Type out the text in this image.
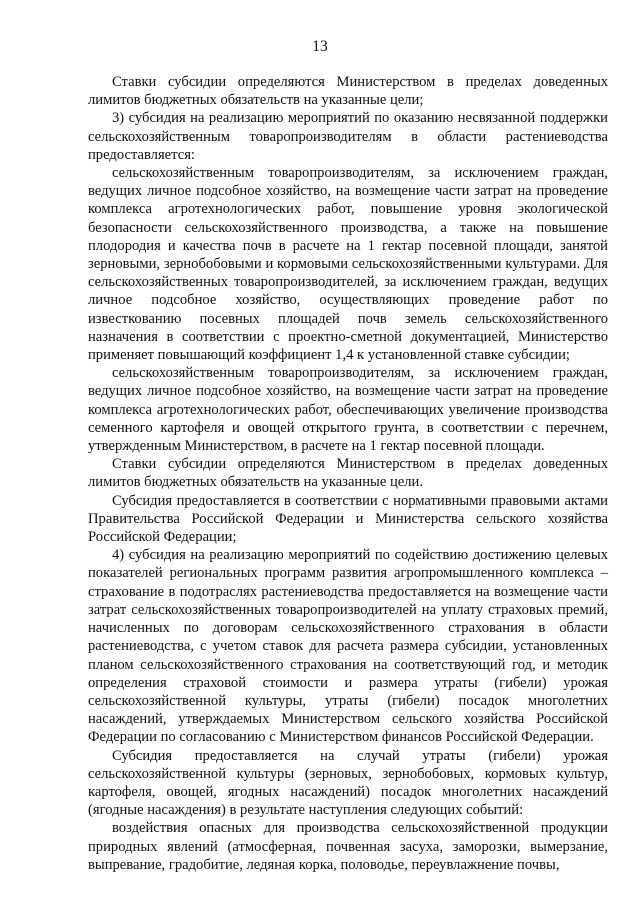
13

Ставки субсидии определяются Министерством в пределах доведенных лимитов бюджетных обязательств на указанные цели;

3) субсидия на реализацию мероприятий по оказанию несвязанной поддержки сельскохозяйственным товаропроизводителям в области растениеводства предоставляется:

сельскохозяйственным товаропроизводителям, за исключением граждан, ведущих личное подсобное хозяйство, на возмещение части затрат на проведение комплекса агротехнологических работ, повышение уровня экологической безопасности сельскохозяйственного производства, а также на повышение плодородия и качества почв в расчете на 1 гектар посевной площади, занятой зерновыми, зернобобовыми и кормовыми сельскохозяйственными культурами. Для сельскохозяйственных товаропроизводителей, за исключением граждан, ведущих личное подсобное хозяйство, осуществляющих проведение работ по известкованию посевных площадей почв земель сельскохозяйственного назначения в соответствии с проектно-сметной документацией, Министерство применяет повышающий коэффициент 1,4 к установленной ставке субсидии;

сельскохозяйственным товаропроизводителям, за исключением граждан, ведущих личное подсобное хозяйство, на возмещение части затрат на проведение комплекса агротехнологических работ, обеспечивающих увеличение производства семенного картофеля и овощей открытого грунта, в соответствии с перечнем, утвержденным Министерством, в расчете на 1 гектар посевной площади.

Ставки субсидии определяются Министерством в пределах доведенных лимитов бюджетных обязательств на указанные цели.

Субсидия предоставляется в соответствии с нормативными правовыми актами Правительства Российской Федерации и Министерства сельского хозяйства Российской Федерации;

4) субсидия на реализацию мероприятий по содействию достижению целевых показателей региональных программ развития агропромышленного комплекса – страхование в подотраслях растениеводства предоставляется на возмещение части затрат сельскохозяйственных товаропроизводителей на уплату страховых премий, начисленных по договорам сельскохозяйственного страхования в области растениеводства, с учетом ставок для расчета размера субсидии, установленных планом сельскохозяйственного страхования на соответствующий год, и методик определения страховой стоимости и размера утраты (гибели) урожая сельскохозяйственной культуры, утраты (гибели) посадок многолетних насаждений, утверждаемых Министерством сельского хозяйства Российской Федерации по согласованию с Министерством финансов Российской Федерации.

Субсидия предоставляется на случай утраты (гибели) урожая сельскохозяйственной культуры (зерновых, зернобобовых, кормовых культур, картофеля, овощей, ягодных насаждений) посадок многолетних насаждений (ягодные насаждения) в результате наступления следующих событий:

воздействия опасных для производства сельскохозяйственной продукции природных явлений (атмосферная, почвенная засуха, заморозки, вымерзание, выпревание, градобитие, ледяная корка, половодье, переувлажнение почвы,
